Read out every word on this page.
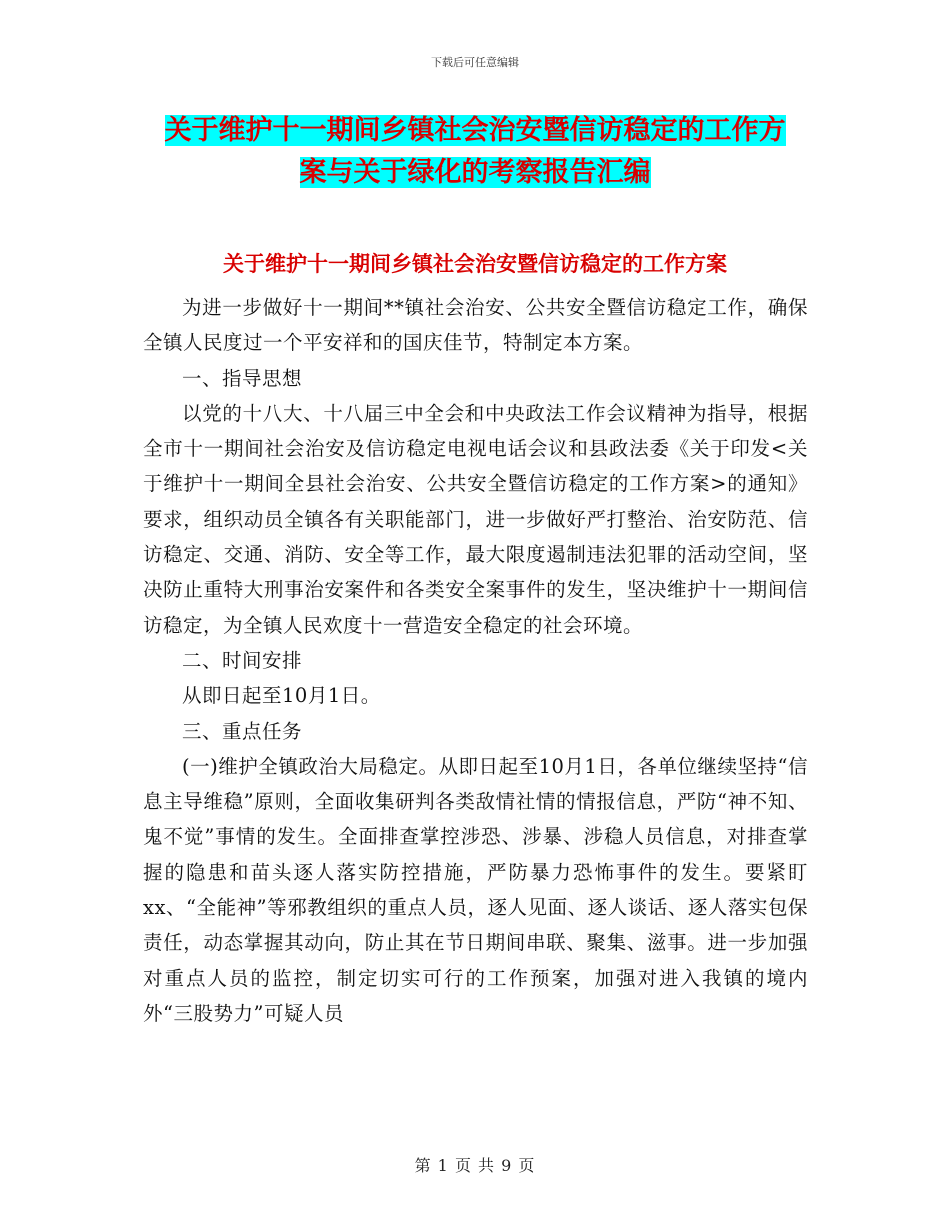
下载后可任意编辑
关于维护十一期间乡镇社会治安暨信访稳定的工作方
案与关于绿化的考察报告汇编
关于维护十一期间乡镇社会治安暨信访稳定的工作方案

为进一步做好十一期间**镇社会治安、公共安全暨信访稳定工作，确保全镇人民度过一个平安祥和的国庆佳节，特制定本方案。

一、指导思想

以党的十八大、十八届三中全会和中央政法工作会议精神为指导，根据全市十一期间社会治安及信访稳定电视电话会议和县政法委《关于印发<关于维护十一期间全县社会治安、公共安全暨信访稳定的工作方案>的通知》要求，组织动员全镇各有关职能部门，进一步做好严打整治、治安防范、信访稳定、交通、消防、安全等工作，最大限度遏制违法犯罪的活动空间，坚决防止重特大刑事治安案件和各类安全案事件的发生，坚决维护十一期间信访稳定，为全镇人民欢度十一营造安全稳定的社会环境。

二、时间安排

从即日起至10月1日。

三、重点任务

(一)维护全镇政治大局稳定。从即日起至10月1日，各单位继续坚持“信息主导维稳”原则，全面收集研判各类敌情社情的情报信息，严防“神不知、鬼不觉”事情的发生。全面排查掌控涉恐、涉暴、涉稳人员信息，对排查掌握的隐患和苗头逐人落实防控措施，严防暴力恐怖事件的发生。要紧盯xx、“全能神”等邪教组织的重点人员，逐人见面、逐人谈话、逐人落实包保责任，动态掌握其动向，防止其在节日期间串联、聚集、滋事。进一步加强对重点人员的监控，制定切实可行的工作预案，加强对进入我镇的境内外“三股势力”可疑人员

第 1 页 共 9 页
